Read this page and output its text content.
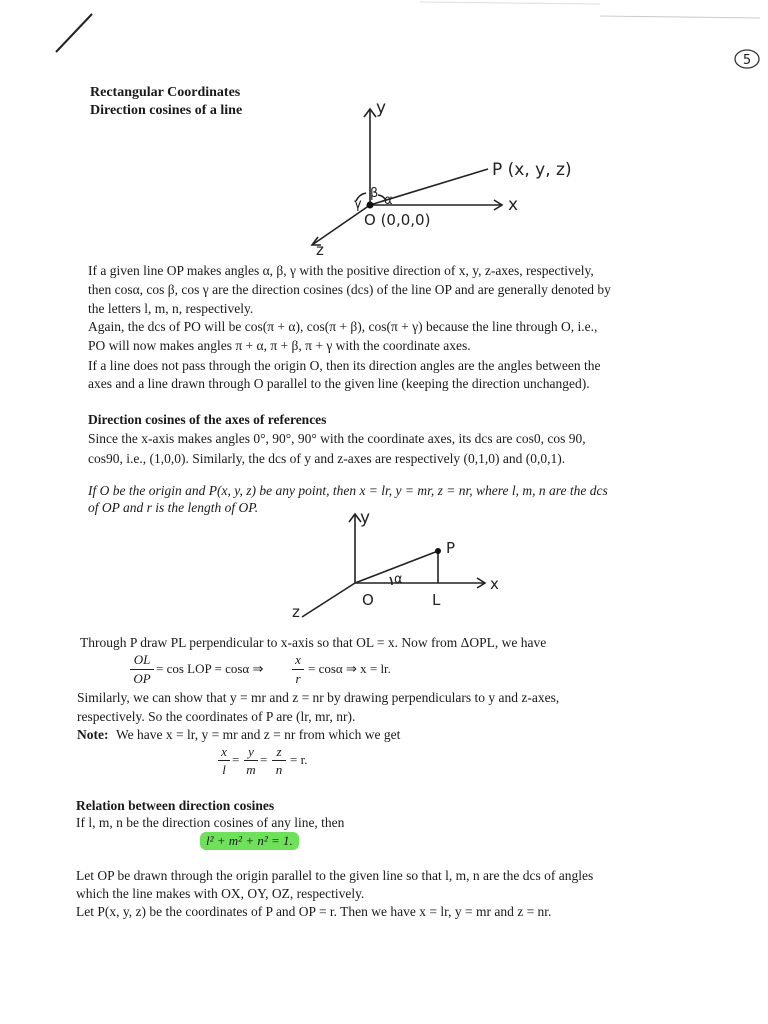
5
Rectangular Coordinates
Direction cosines of a line	y
x
z
P (x, y, z)
O (0,0,0)
α
β
γ
If a given line OP makes angles α, β, γ with the positive direction of x, y, z-axes, respectively,
then cosα, cos β, cos γ are the direction cosines (dcs) of the line OP and are generally denoted by
the letters l, m, n, respectively.
Again, the dcs of PO will be cos(π + α), cos(π + β), cos(π + γ) because the line through O, i.e.,
PO will now makes angles π + α, π + β, π + γ with the coordinate axes.
If a line does not pass through the origin O, then its direction angles are the angles between the
axes and a line drawn through O parallel to the given line (keeping the direction unchanged).
Direction cosines of the axes of references
Since the x-axis makes angles 0°, 90°, 90° with the coordinate axes, its dcs are cos0, cos 90,
cos90, i.e., (1,0,0). Similarly, the dcs of y and z-axes are respectively (0,1,0) and (0,0,1).
If O be the origin and P(x, y, z) be any point, then x = lr, y = mr, z = nr, where l, m, n are the dcs
of OP and r is the length of OP.
y
x
z
P
O	L
α
Through P draw PL perpendicular to x-axis so that OL = x. Now from ΔOPL, we have
OL
OP
= cos LOP = cosα ⇒
x
r
= cosα ⇒ x = lr.
Similarly, we can show that y = mr and z = nr by drawing perpendiculars to y and z-axes,
respectively. So the coordinates of P are (lr, mr, nr).
Note: We have x = lr, y = mr and z = nr from which we get
x
l
=
y
m
=
z
n
= r.
Relation between direction cosines
If l, m, n be the direction cosines of any line, then
l² + m² + n² = 1.
Let OP be drawn through the origin parallel to the given line so that l, m, n are the dcs of angles
which the line makes with OX, OY, OZ, respectively.
Let P(x, y, z) be the coordinates of P and OP = r. Then we have x = lr, y = mr and z = nr.
